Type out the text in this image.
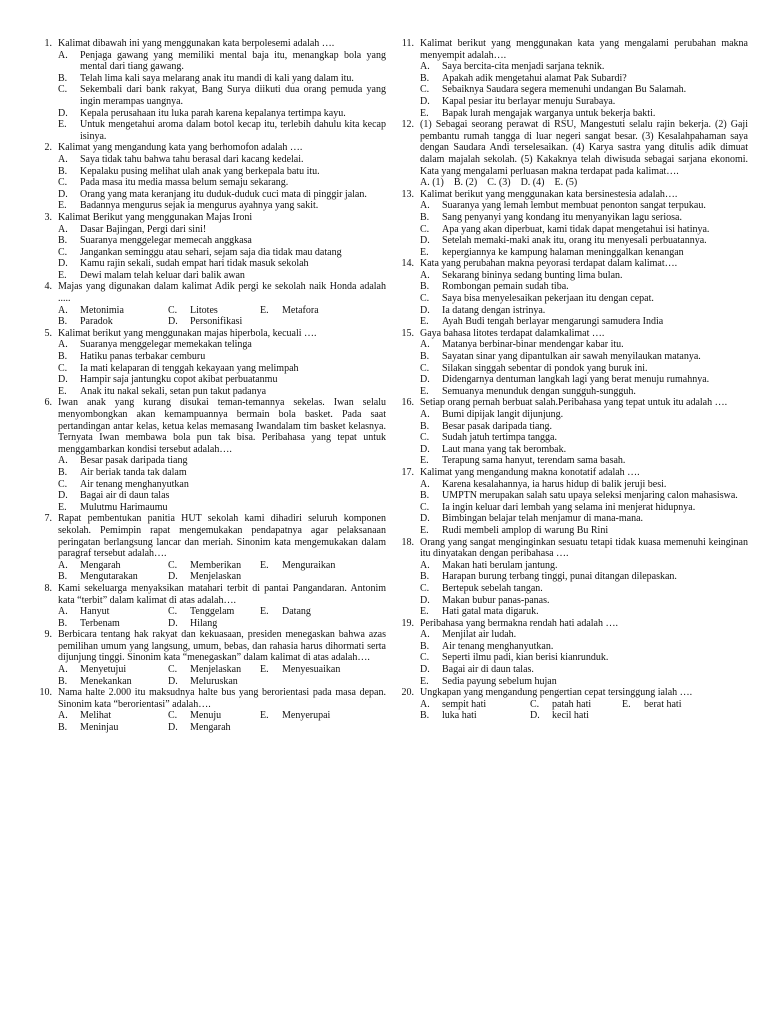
1. Kalimat dibawah ini yang menggunakan kata berpolesemi adalah ….
A. Penjaga gawang yang memiliki mental baja itu, menangkap bola yang mental dari tiang gawang.
B. Telah lima kali saya melarang anak itu mandi di kali yang dalam itu.
C. Sekembali dari bank rakyat, Bang Surya diikuti dua orang pemuda yang ingin merampas uangnya.
D. Kepala perusahaan itu luka parah karena kepalanya tertimpa kayu.
E. Untuk mengetahui aroma dalam botol kecap itu, terlebih dahulu kita kecap isinya.
2. Kalimat yang mengandung kata yang berhomofon adalah ….
A. Saya tidak tahu bahwa tahu berasal dari kacang kedelai.
B. Kepalaku pusing melihat ulah anak yang berkepala batu itu.
C. Pada masa itu media massa belum semaju sekarang.
D. Orang yang mata keranjang itu duduk-duduk cuci mata di pinggir jalan.
E. Badannya mengurus sejak ia mengurus ayahnya yang sakit.
3. Kalimat Berikut yang menggunakan Majas Ironi
A. Dasar Bajingan, Pergi dari sini!
B. Suaranya menggelegar memecah anggkasa
C. Jangankan seminggu atau sehari, sejam saja dia tidak mau datang
D. Kamu rajin sekali, sudah empat hari tidak masuk sekolah
E. Dewi malam telah keluar dari balik awan
4. Majas yang digunakan dalam kalimat Adik pergi ke sekolah naik Honda adalah .....
A. Metonimia	C. Litotes	E. Metafora
B. Paradok	D. Personifikasi
5. Kalimat berikut yang menggunakan majas hiperbola, kecuali ….
A. Suaranya menggelegar memekakan telinga
B. Hatiku panas terbakar cemburu
C. Ia mati kelaparan di tenggah kekayaan yang melimpah
D. Hampir saja jantungku copot akibat perbuatanmu
E. Anak itu nakal sekali, setan pun takut padanya
6. Iwan anak yang kurang disukai teman-temannya sekelas. Iwan selalu menyombongkan akan kemampuannya bermain bola basket. Pada saat pertandingan antar kelas, ketua kelas memasang Iwandalam tim basket kelasnya. Ternyata Iwan membawa bola pun tak bisa. Peribahasa yang tepat untuk menggambarkan kondisi tersebut adalah….
A. Besar pasak daripada tiang
B. Air beriak tanda tak dalam
C. Air tenang menghanyutkan
D. Bagai air di daun talas
E. Mulutmu Harimaumu
7. Rapat pembentukan panitia HUT sekolah kami dihadiri seluruh komponen sekolah. Pemimpin rapat mengemukakan pendapatnya agar pelaksanaan peringatan berlangsung lancar dan meriah. Sinonim kata mengemukakan dalam paragraf tersebut adalah….
A. Mengarah	C. Memberikan	E. Menguraikan
B. Mengutarakan	D. Menjelaskan
8. Kami sekeluarga menyaksikan matahari terbit di pantai Pangandaran. Antonim kata “terbit” dalam kalimat di atas adalah….
A. Hanyut	C. Tenggelam	E. Datang
B. Terbenam	D. Hilang
9. Berbicara tentang hak rakyat dan kekuasaan, presiden menegaskan bahwa azas pemilihan umum yang langsung, umum, bebas, dan rahasia harus dihormati serta dijunjung tinggi. Sinonim kata “menegaskan” dalam kalimat di atas adalah….
A. Menyetujui	C. Menjelaskan	E. Menyesuaikan
B. Menekankan	D. Meluruskan
10. Nama halte 2.000 itu maksudnya halte bus yang berorientasi pada masa depan. Sinonim kata “berorientasi” adalah….
A. Melihat	C. Menuju	E. Menyerupai
B. Meninjau	D. Mengarah
11. Kalimat berikut yang menggunakan kata yang mengalami perubahan makna menyempit adalah….
A. Saya bercita-cita menjadi sarjana teknik.
B. Apakah adik mengetahui alamat Pak Subardi?
C. Sebaiknya Saudara segera memenuhi undangan Bu Salamah.
D. Kapal pesiar itu berlayar menuju Surabaya.
E. Bapak lurah mengajak warganya untuk bekerja bakti.
12. (1) Sebagai seorang perawat di RSU, Mangestuti selalu rajin bekerja. (2) Gaji pembantu rumah tangga di luar negeri sangat besar. (3) Kesalahpahaman saya dengan Saudara Andi terselesaikan. (4) Karya sastra yang ditulis adik dimuat dalam majalah sekolah. (5) Kakaknya telah diwisuda sebagai sarjana ekonomi. Kata yang mengalami perluasan makna terdapat pada kalimat….
A. (1) B. (2) C. (3) D. (4) E. (5)
13. Kalimat berikut yang menggunakan kata bersinestesia adalah….
A. Suaranya yang lemah lembut membuat penonton sangat terpukau.
B. Sang penyanyi yang kondang itu menyanyikan lagu seriosa.
C. Apa yang akan diperbuat, kami tidak dapat mengetahui isi hatinya.
D. Setelah memaki-maki anak itu, orang itu menyesali perbuatannya.
E. kepergiannya ke kampung halaman meninggalkan kenangan
14. Kata yang perubahan makna peyorasi terdapat dalam kalimat….
A. Sekarang bininya sedang bunting lima bulan.
B. Rombongan pemain sudah tiba.
C. Saya bisa menyelesaikan pekerjaan itu dengan cepat.
D. Ia datang dengan istrinya.
E. Ayah Budi tengah berlayar mengarungi samudera India
15. Gaya bahasa litotes terdapat dalamkalimat ….
A. Matanya berbinar-binar mendengar kabar itu.
B. Sayatan sinar yang dipantulkan air sawah menyilaukan matanya.
C. Silakan singgah sebentar di pondok yang buruk ini.
D. Didengarnya dentuman langkah lagi yang berat menuju rumahnya.
E. Semuanya menunduk dengan sungguh-sungguh.
16. Setiap orang pernah berbuat salah.Peribahasa yang tepat untuk itu adalah ….
A. Bumi dipijak langit dijunjung.
B. Besar pasak daripada tiang.
C. Sudah jatuh tertimpa tangga.
D. Laut mana yang tak berombak.
E. Terapung sama hanyut, terendam sama basah.
17. Kalimat yang mengandung makna konotatif adalah ….
A. Karena kesalahannya, ia harus hidup di balik jeruji besi.
B. UMPTN merupakan salah satu upaya seleksi menjaring calon mahasiswa.
C. Ia ingin keluar dari lembah yang selama ini menjerat hidupnya.
D. Bimbingan belajar telah menjamur di mana-mana.
E. Rudi membeli amplop di warung Bu Rini
18. Orang yang sangat menginginkan sesuatu tetapi tidak kuasa memenuhi keinginan itu dinyatakan dengan peribahasa ….
A. Makan hati berulam jantung.
B. Harapan burung terbang tinggi, punai ditangan dilepaskan.
C. Bertepuk sebelah tangan.
D. Makan bubur panas-panas.
E. Hati gatal mata digaruk.
19. Peribahasa yang bermakna rendah hati adalah ….
A. Menjilat air ludah.
B. Air tenang menghanyutkan.
C. Seperti ilmu padi, kian berisi kianrunduk.
D. Bagai air di daun talas.
E. Sedia payung sebelum hujan
20. Ungkapan yang mengandung pengertian cepat tersinggung ialah ….
A. sempit hati	C. patah hati	E. berat hati
B. luka hati	D. kecil hati
